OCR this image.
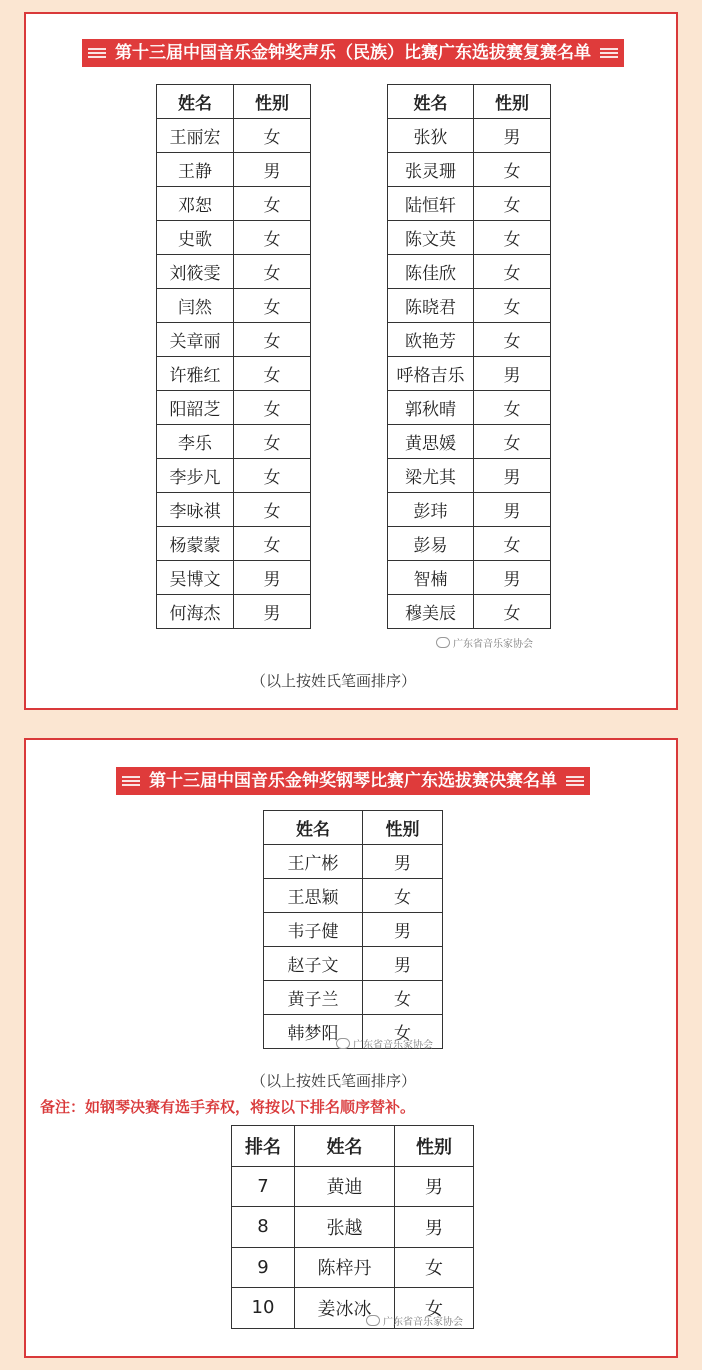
第十三届中国音乐金钟奖声乐（民族）比赛广东选拔赛复赛名单
姓名	性别
王丽宏	女
王静	男
邓恕	女
史歌	女
刘筱雯	女
闫然	女
关章丽	女
许雅红	女
阳韶芝	女
李乐	女
李步凡	女
李咏祺	女
杨蒙蒙	女
吴博文	男
何海杰	男
姓名	性别
张狄	男
张灵珊	女
陆恒轩	女
陈文英	女
陈佳欣	女
陈晓君	女
欧艳芳	女
呼格吉乐	男
郭秋晴	女
黄思媛	女
梁尤其	男
彭玮	男
彭易	女
智楠	男
穆美辰	女
广东省音乐家协会
（以上按姓氏笔画排序）
第十三届中国音乐金钟奖钢琴比赛广东选拔赛决赛名单
姓名	性别
王广彬	男
王思颖	女
韦子健	男
赵子文	男
黄子兰	女
韩梦阳	女
广东省音乐家协会
（以上按姓氏笔画排序）
备注：如钢琴决赛有选手弃权，将按以下排名顺序替补。
排名	姓名	性别
7	黄迪	男
8	张越	男
9	陈梓丹	女
10	姜冰冰	女
广东省音乐家协会
